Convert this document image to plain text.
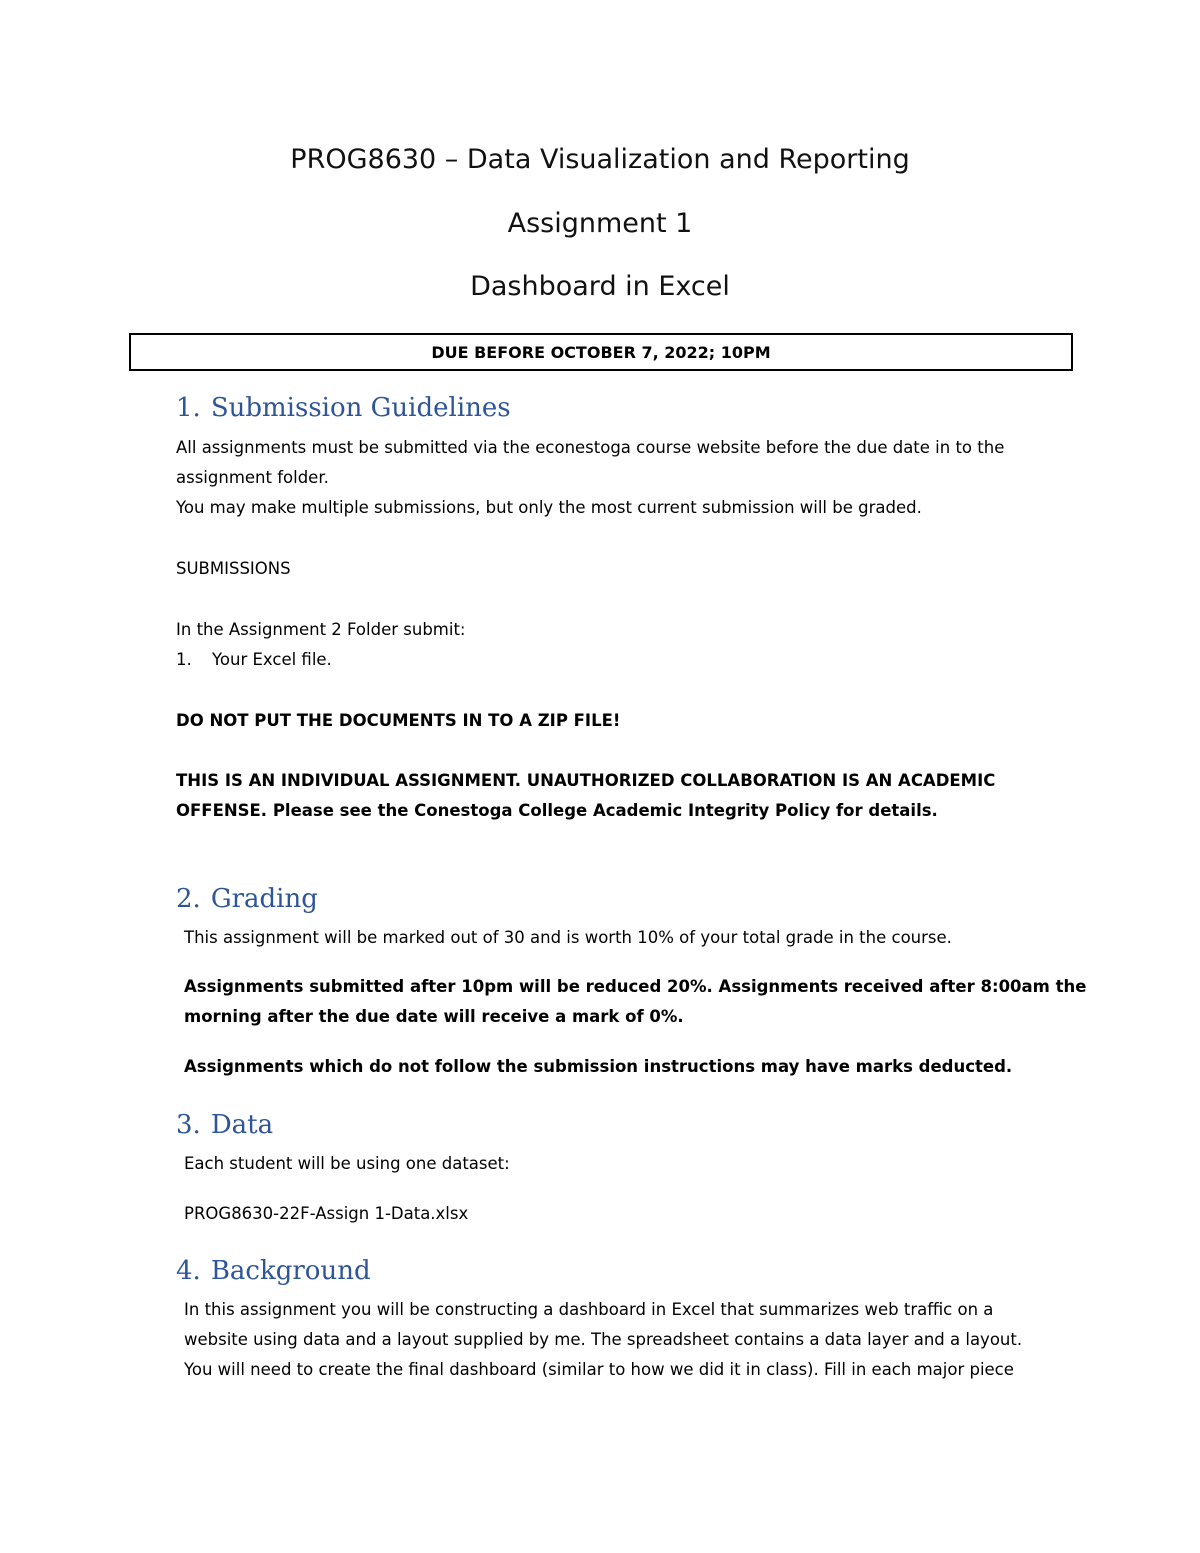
PROG8630 – Data Visualization and Reporting
Assignment 1
Dashboard in Excel
DUE BEFORE OCTOBER 7, 2022; 10PM
1. Submission Guidelines

All assignments must be submitted via the econestoga course website before the due date in to the

assignment folder.

You may make multiple submissions, but only the most current submission will be graded.

SUBMISSIONS

In the Assignment 2 Folder submit:

1. Your Excel file.

DO NOT PUT THE DOCUMENTS IN TO A ZIP FILE!

THIS IS AN INDIVIDUAL ASSIGNMENT. UNAUTHORIZED COLLABORATION IS AN ACADEMIC

OFFENSE. Please see the Conestoga College Academic Integrity Policy for details.

2. Grading

This assignment will be marked out of 30 and is worth 10% of your total grade in the course.

Assignments submitted after 10pm will be reduced 20%. Assignments received after 8:00am the

morning after the due date will receive a mark of 0%.

Assignments which do not follow the submission instructions may have marks deducted.

3. Data

Each student will be using one dataset:

PROG8630-22F-Assign 1-Data.xlsx

4. Background

In this assignment you will be constructing a dashboard in Excel that summarizes web traffic on a

website using data and a layout supplied by me. The spreadsheet contains a data layer and a layout.

You will need to create the final dashboard (similar to how we did it in class). Fill in each major piece
